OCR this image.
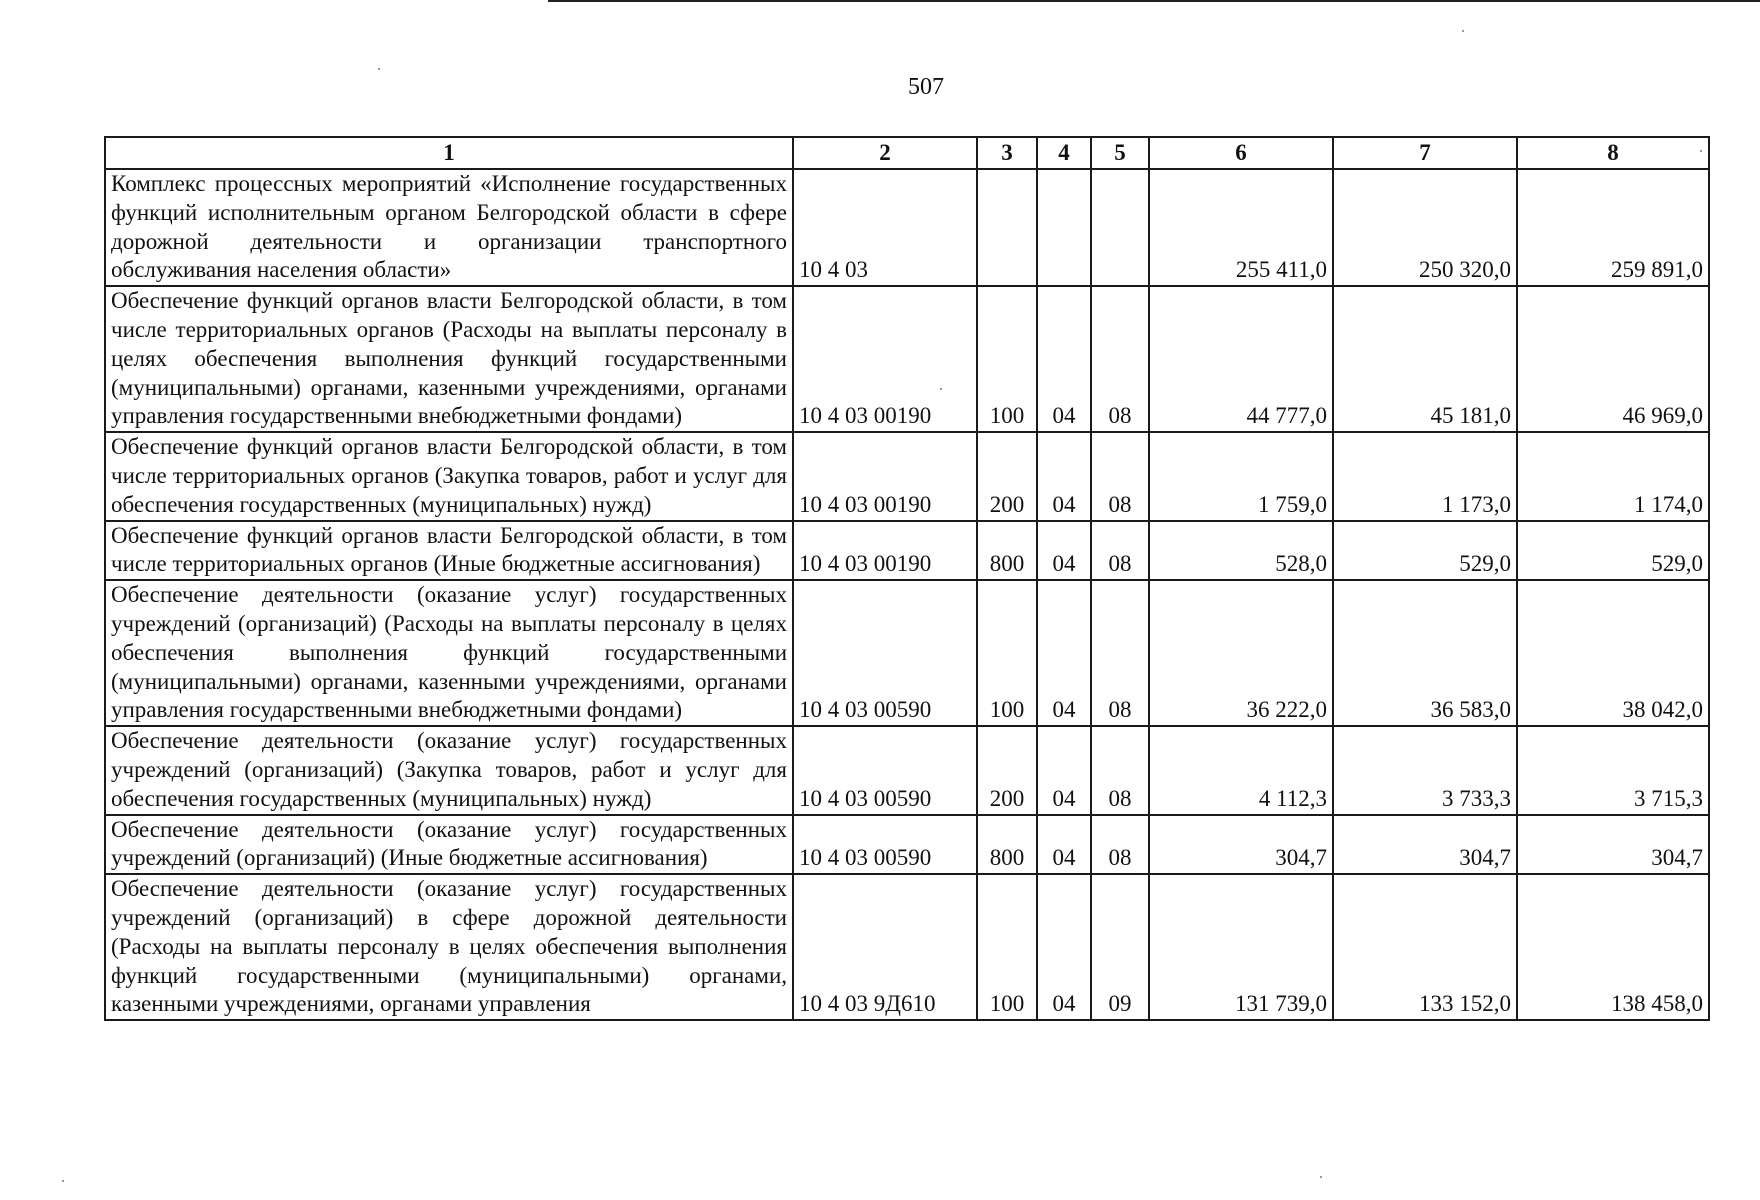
507
1	2	3	4	5	6	7	8
Комплекс процессных мероприятий «Исполнение государственных функций исполнительным органом Белгородской области в сфере дорожной деятельности и организации транспортного обслуживания населения области»	10 4 03				255 411,0	250 320,0	259 891,0
Обеспечение функций органов власти Белгородской области, в том числе территориальных органов (Расходы на выплаты персоналу в целях обеспечения выполнения функций государственными (муниципальными) органами, казенными учреждениями, органами управления государственными внебюджетными фондами)	10 4 03 00190	100	04	08	44 777,0	45 181,0	46 969,0
Обеспечение функций органов власти Белгородской области, в том числе территориальных органов (Закупка товаров, работ и услуг для обеспечения государственных (муниципальных) нужд)	10 4 03 00190	200	04	08	1 759,0	1 173,0	1 174,0
Обеспечение функций органов власти Белгородской области, в том числе территориальных органов (Иные бюджетные ассигнования)	10 4 03 00190	800	04	08	528,0	529,0	529,0
Обеспечение деятельности (оказание услуг) государственных учреждений (организаций) (Расходы на выплаты персоналу в целях обеспечения выполнения функций государственными (муниципальными) органами, казенными учреждениями, органами управления государственными внебюджетными фондами)	10 4 03 00590	100	04	08	36 222,0	36 583,0	38 042,0
Обеспечение деятельности (оказание услуг) государственных учреждений (организаций) (Закупка товаров, работ и услуг для обеспечения государственных (муниципальных) нужд)	10 4 03 00590	200	04	08	4 112,3	3 733,3	3 715,3
Обеспечение деятельности (оказание услуг) государственных учреждений (организаций) (Иные бюджетные ассигнования)	10 4 03 00590	800	04	08	304,7	304,7	304,7
Обеспечение деятельности (оказание услуг) государственных учреждений (организаций) в сфере дорожной деятельности (Расходы на выплаты персоналу в целях обеспечения выполнения функций государственными (муниципальными) органами, казенными учреждениями, органами управления	10 4 03 9Д610	100	04	09	131 739,0	133 152,0	138 458,0
